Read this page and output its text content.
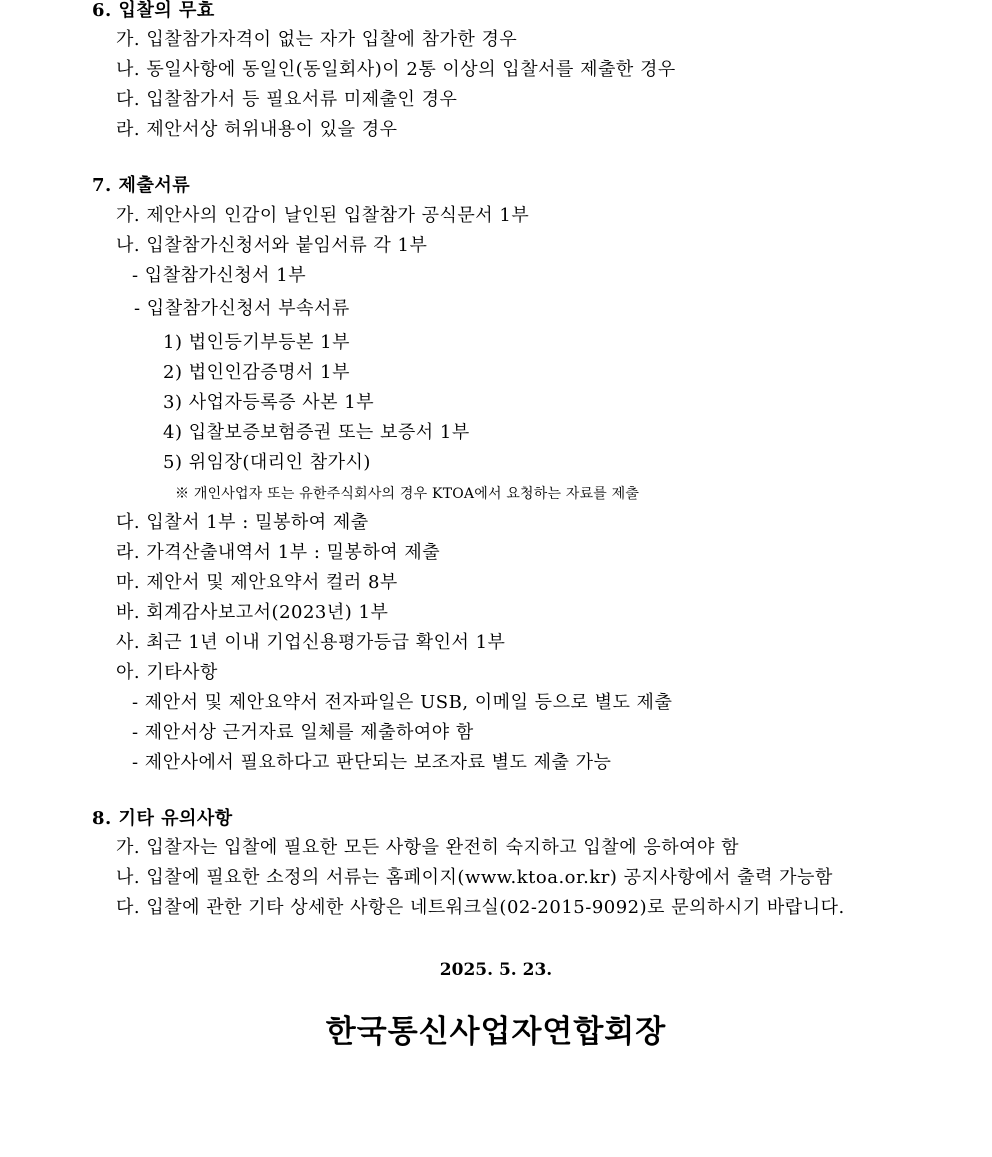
6. 입찰의 무효
가. 입찰참가자격이 없는 자가 입찰에 참가한 경우
나. 동일사항에 동일인(동일회사)이 2통 이상의 입찰서를 제출한 경우
다. 입찰참가서 등 필요서류 미제출인 경우
라. 제안서상 허위내용이 있을 경우
7. 제출서류
가. 제안사의 인감이 날인된 입찰참가 공식문서 1부
나. 입찰참가신청서와 붙임서류 각 1부
- 입찰참가신청서 1부
- 입찰참가신청서 부속서류
1) 법인등기부등본 1부
2) 법인인감증명서 1부
3) 사업자등록증 사본 1부
4) 입찰보증보험증권 또는 보증서 1부
5) 위임장(대리인 참가시)
※ 개인사업자 또는 유한주식회사의 경우 KTOA에서 요청하는 자료를 제출
다. 입찰서 1부 : 밀봉하여 제출
라. 가격산출내역서 1부 : 밀봉하여 제출
마. 제안서 및 제안요약서 컬러 8부
바. 회계감사보고서(2023년) 1부
사. 최근 1년 이내 기업신용평가등급 확인서 1부
아. 기타사항
- 제안서 및 제안요약서 전자파일은 USB, 이메일 등으로 별도 제출
- 제안서상 근거자료 일체를 제출하여야 함
- 제안사에서 필요하다고 판단되는 보조자료 별도 제출 가능
8. 기타 유의사항
가. 입찰자는 입찰에 필요한 모든 사항을 완전히 숙지하고 입찰에 응하여야 함
나. 입찰에 필요한 소정의 서류는 홈페이지(www.ktoa.or.kr) 공지사항에서 출력 가능함
다. 입찰에 관한 기타 상세한 사항은 네트워크실(02-2015-9092)로 문의하시기 바랍니다.
2025. 5. 23.
한국통신사업자연합회장
